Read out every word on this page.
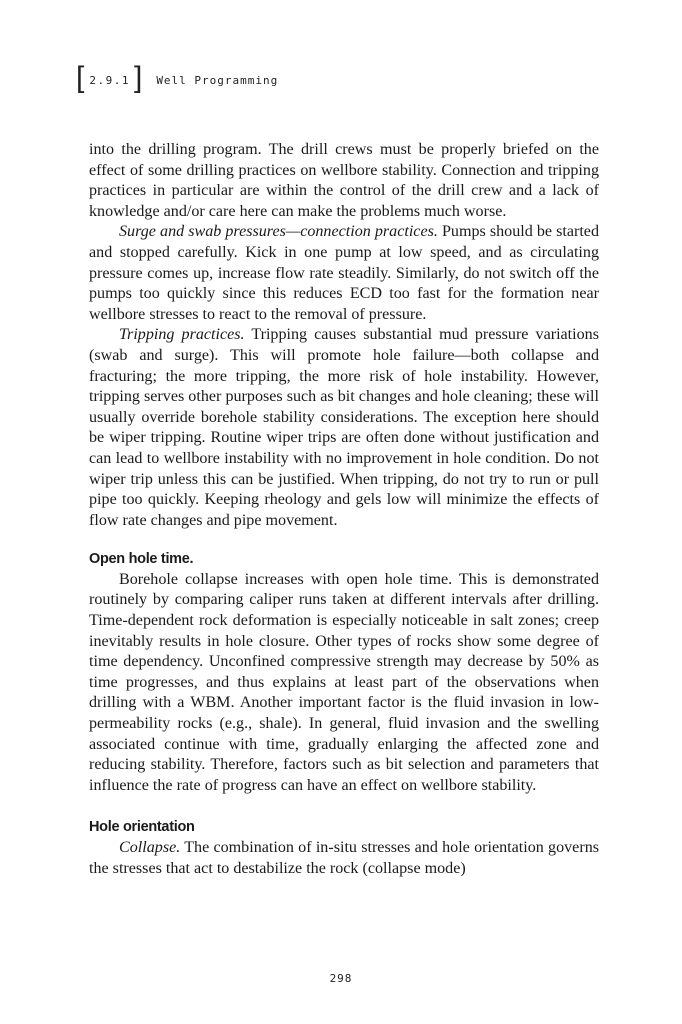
[ 2.9.1 ] Well Programming

into the drilling program. The drill crews must be properly briefed on the effect of some drilling practices on wellbore stability. Connection and tripping practices in particular are within the control of the drill crew and a lack of knowledge and/or care here can make the problems much worse.

Surge and swab pressures—connection practices. Pumps should be started and stopped carefully. Kick in one pump at low speed, and as circulating pressure comes up, increase flow rate steadily. Similarly, do not switch off the pumps too quickly since this reduces ECD too fast for the formation near wellbore stresses to react to the removal of pressure.

Tripping practices. Tripping causes substantial mud pressure variations (swab and surge). This will promote hole failure—both collapse and fracturing; the more tripping, the more risk of hole instability. However, tripping serves other purposes such as bit changes and hole cleaning; these will usually override borehole stability considerations. The exception here should be wiper tripping. Routine wiper trips are often done without justification and can lead to wellbore instability with no improvement in hole condition. Do not wiper trip unless this can be justified. When tripping, do not try to run or pull pipe too quickly. Keeping rheology and gels low will minimize the effects of flow rate changes and pipe movement.

Open hole time.

Borehole collapse increases with open hole time. This is demonstrated routinely by comparing caliper runs taken at different intervals after drilling. Time-dependent rock deformation is especially noticeable in salt zones; creep inevitably results in hole closure. Other types of rocks show some degree of time dependency. Unconfined compressive strength may decrease by 50% as time progresses, and thus explains at least part of the observations when drilling with a WBM. Another important factor is the fluid invasion in low-permeability rocks (e.g., shale). In general, fluid invasion and the swelling associated continue with time, gradually enlarging the affected zone and reducing stability. Therefore, factors such as bit selection and parameters that influence the rate of progress can have an effect on wellbore stability.

Hole orientation

Collapse. The combination of in-situ stresses and hole orientation governs the stresses that act to destabilize the rock (collapse mode)

298
